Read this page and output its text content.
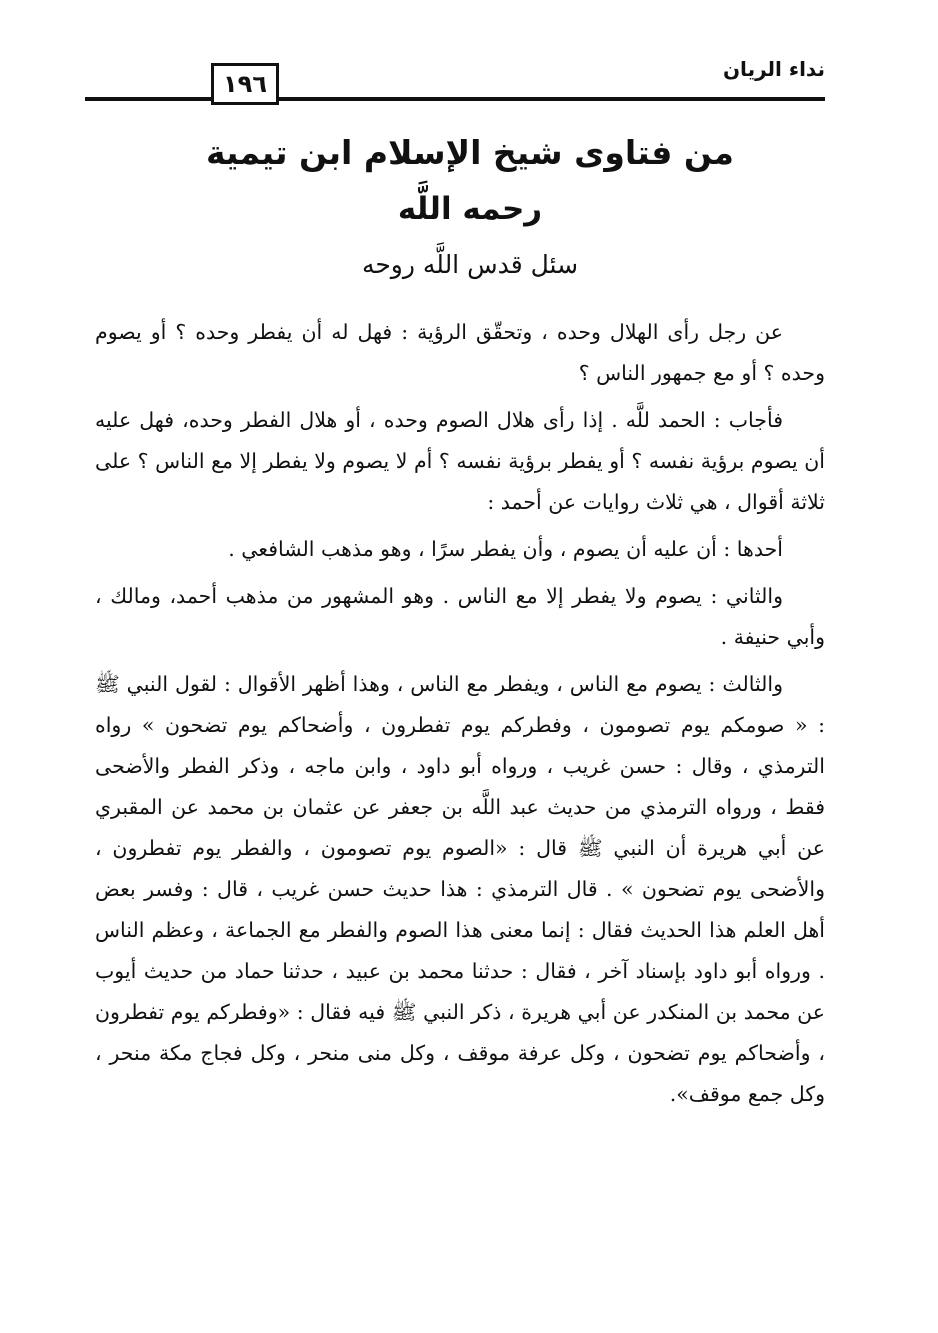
١٩٦
نداء الريان
من فتاوى شيخ الإسلام ابن تيمية
رحمه اللَّه
سئل قدس اللَّه روحه

عن رجل رأى الهلال وحده ، وتحقّق الرؤية : فهل له أن يفطر وحده ؟ أو يصوم وحده ؟ أو مع جمهور الناس ؟

فأجاب : الحمد للَّه . إذا رأى هلال الصوم وحده ، أو هلال الفطر وحده، فهل عليه أن يصوم برؤية نفسه ؟ أو يفطر برؤية نفسه ؟ أم لا يصوم ولا يفطر إلا مع الناس ؟ على ثلاثة أقوال ، هي ثلاث روايات عن أحمد :

أحدها : أن عليه أن يصوم ، وأن يفطر سرًا ، وهو مذهب الشافعي .

والثاني : يصوم ولا يفطر إلا مع الناس . وهو المشهور من مذهب أحمد، ومالك ، وأبي حنيفة .

والثالث : يصوم مع الناس ، ويفطر مع الناس ، وهذا أظهر الأقوال : لقول النبي ﷺ : « صومكم يوم تصومون ، وفطركم يوم تفطرون ، وأضحاكم يوم تضحون » رواه الترمذي ، وقال : حسن غريب ، ورواه أبو داود ، وابن ماجه ، وذكر الفطر والأضحى فقط ، ورواه الترمذي من حديث عبد اللَّه بن جعفر عن عثمان بن محمد عن المقبري عن أبي هريرة أن النبي ﷺ قال : «الصوم يوم تصومون ، والفطر يوم تفطرون ، والأضحى يوم تضحون » . قال الترمذي : هذا حديث حسن غريب ، قال : وفسر بعض أهل العلم هذا الحديث فقال : إنما معنى هذا الصوم والفطر مع الجماعة ، وعظم الناس . ورواه أبو داود بإسناد آخر ، فقال : حدثنا محمد بن عبيد ، حدثنا حماد من حديث أيوب عن محمد بن المنكدر عن أبي هريرة ، ذكر النبي ﷺ فيه فقال : «وفطركم يوم تفطرون ، وأضحاكم يوم تضحون ، وكل عرفة موقف ، وكل منى منحر ، وكل فجاج مكة منحر ، وكل جمع موقف».
